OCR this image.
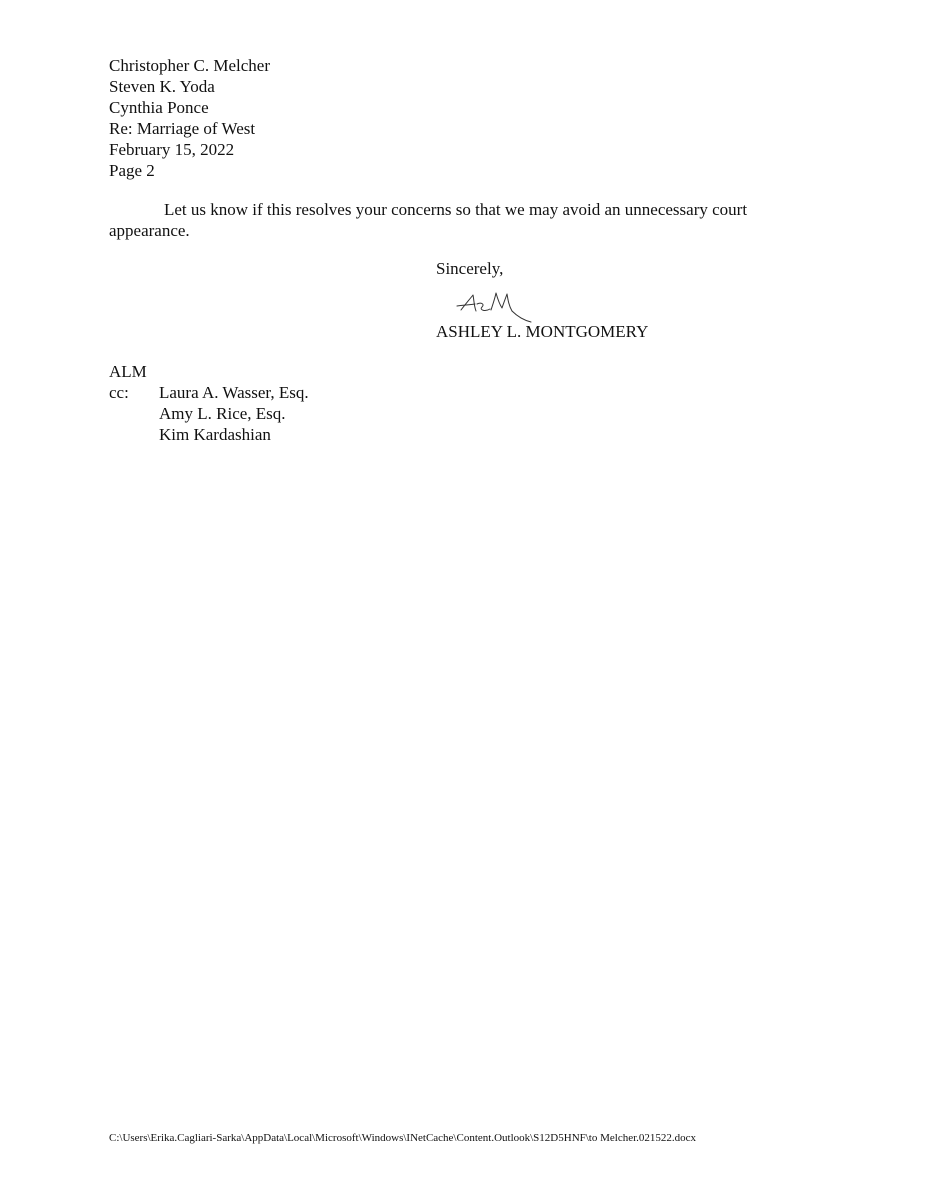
Christopher C. Melcher
Steven K. Yoda
Cynthia Ponce
Re: Marriage of West
February 15, 2022
Page 2
Let us know if this resolves your concerns so that we may avoid an unnecessary court appearance.
Sincerely,
ALM
ASHLEY L. MONTGOMERY
ALM
cc: Laura A. Wasser, Esq.
Amy L. Rice, Esq.
Kim Kardashian
C:\Users\Erika.Cagliari-Sarka\AppData\Local\Microsoft\Windows\INetCache\Content.Outlook\S12D5HNF\to Melcher.021522.docx
